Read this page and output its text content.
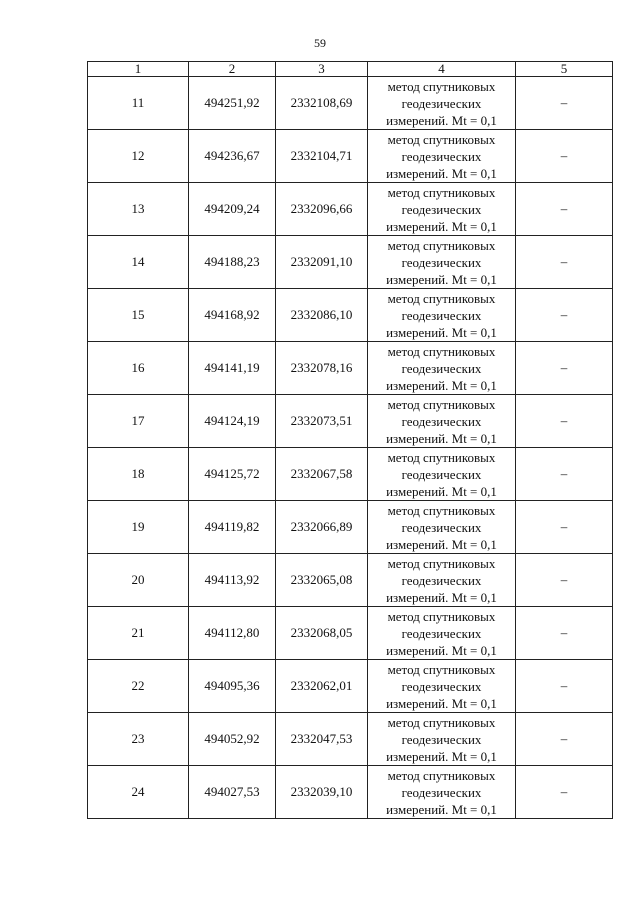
59
1	2	3	4	5
11	494251,92	2332108,69	метод спутниковых
геодезических
измерений. Mt = 0,1	–
12	494236,67	2332104,71	метод спутниковых
геодезических
измерений. Mt = 0,1	–
13	494209,24	2332096,66	метод спутниковых
геодезических
измерений. Mt = 0,1	–
14	494188,23	2332091,10	метод спутниковых
геодезических
измерений. Mt = 0,1	–
15	494168,92	2332086,10	метод спутниковых
геодезических
измерений. Mt = 0,1	–
16	494141,19	2332078,16	метод спутниковых
геодезических
измерений. Mt = 0,1	–
17	494124,19	2332073,51	метод спутниковых
геодезических
измерений. Mt = 0,1	–
18	494125,72	2332067,58	метод спутниковых
геодезических
измерений. Mt = 0,1	–
19	494119,82	2332066,89	метод спутниковых
геодезических
измерений. Mt = 0,1	–
20	494113,92	2332065,08	метод спутниковых
геодезических
измерений. Mt = 0,1	–
21	494112,80	2332068,05	метод спутниковых
геодезических
измерений. Mt = 0,1	–
22	494095,36	2332062,01	метод спутниковых
геодезических
измерений. Mt = 0,1	–
23	494052,92	2332047,53	метод спутниковых
геодезических
измерений. Mt = 0,1	–
24	494027,53	2332039,10	метод спутниковых
геодезических
измерений. Mt = 0,1	–
